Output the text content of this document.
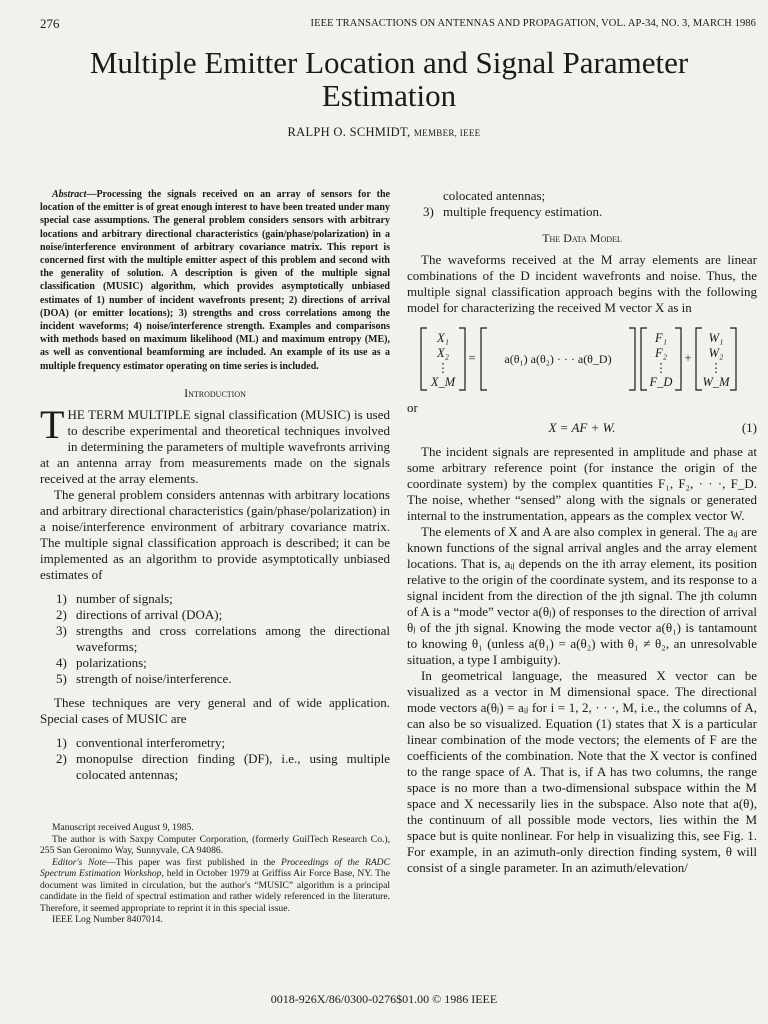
276	IEEE TRANSACTIONS ON ANTENNAS AND PROPAGATION, VOL. AP-34, NO. 3, MARCH 1986
Multiple Emitter Location and Signal Parameter Estimation
RALPH O. SCHMIDT, MEMBER, IEEE

Abstract—Processing the signals received on an array of sensors for the location of the emitter is of great enough interest to have been treated under many special case assumptions. The general problem considers sensors with arbitrary locations and arbitrary directional characteristics (gain/phase/polarization) in a noise/interference environment of arbitrary covariance matrix. This report is concerned first with the multiple emitter aspect of this problem and second with the generality of solution. A description is given of the multiple signal classification (MUSIC) algorithm, which provides asymptotically unbiased estimates of 1) number of incident wavefronts present; 2) directions of arrival (DOA) (or emitter locations); 3) strengths and cross correlations among the incident waveforms; 4) noise/interference strength. Examples and comparisons with methods based on maximum likelihood (ML) and maximum entropy (ME), as well as conventional beamforming are included. An example of its use as a multiple frequency estimator operating on time series is included.

Introduction

THE TERM MULTIPLE signal classification (MUSIC) is used to describe experimental and theoretical techniques involved in determining the parameters of multiple wavefronts arriving at an antenna array from measurements made on the signals received at the array elements.

The general problem considers antennas with arbitrary locations and arbitrary directional characteristics (gain/phase/polarization) in a noise/interference environment of arbitrary covariance matrix. The multiple signal classification approach is described; it can be implemented as an algorithm to provide asymptotically unbiased estimates of

1) number of signals;
2) directions of arrival (DOA);
3) strengths and cross correlations among the directional waveforms;
4) polarizations;
5) strength of noise/interference.

These techniques are very general and of wide application. Special cases of MUSIC are

1) conventional interferometry;
2) monopulse direction finding (DF), i.e., using multiple colocated antennas;

Manuscript received August 9, 1985.

The author is with Saxpy Computer Corporation, (formerly GuilTech Research Co.), 255 San Geronimo Way, Sunnyvale, CA 94086.

Editor's Note—This paper was first published in the Proceedings of the RADC Spectrum Estimation Workshop, held in October 1979 at Griffiss Air Force Base, NY. The document was limited in circulation, but the author's “MUSIC” algorithm is a principal candidate in the field of spectral estimation and rather widely referenced in the literature. Therefore, it seemed appropriate to reprint it in this special issue.

IEEE Log Number 8407014.

colocated antennas;
3) multiple frequency estimation.
The Data Model

The waveforms received at the M array elements are linear combinations of the D incident wavefronts and noise. Thus, the multiple signal classification approach begins with the following model for characterizing the received M vector X as in

X₁
X₂
⋮
X_M
= a(θ₁) a(θ₂) · · · a(θ_D)
F₁
F₂
⋮
F_D
+
W₁
W₂
⋮
W_M

or

X = AF + W.	(1)

The incident signals are represented in amplitude and phase at some arbitrary reference point (for instance the origin of the coordinate system) by the complex quantities F₁, F₂, · · ·, F_D. The noise, whether “sensed” along with the signals or generated internal to the instrumentation, appears as the complex vector W.

The elements of X and A are also complex in general. The aᵢⱼ are known functions of the signal arrival angles and the array element locations. That is, aᵢⱼ depends on the ith array element, its position relative to the origin of the coordinate system, and its response to a signal incident from the direction of the jth signal. The jth column of A is a “mode” vector a(θⱼ) of responses to the direction of arrival θⱼ of the jth signal. Knowing the mode vector a(θ₁) is tantamount to knowing θ₁ (unless a(θ₁) = a(θ₂) with θ₁ ≠ θ₂, an unresolvable situation, a type I ambiguity).

In geometrical language, the measured X vector can be visualized as a vector in M dimensional space. The directional mode vectors a(θⱼ) = aᵢⱼ for i = 1, 2, · · ·, M, i.e., the columns of A, can also be so visualized. Equation (1) states that X is a particular linear combination of the mode vectors; the elements of F are the coefficients of the combination. Note that the X vector is confined to the range space of A. That is, if A has two columns, the range space is no more than a two-dimensional subspace within the M space and X necessarily lies in the subspace. Also note that a(θ), the continuum of all possible mode vectors, lies within the M space but is quite nonlinear. For help in visualizing this, see Fig. 1. For example, in an azimuth-only direction finding system, θ will consist of a single parameter. In an azimuth/elevation/

0018-926X/86/0300-0276$01.00 © 1986 IEEE
